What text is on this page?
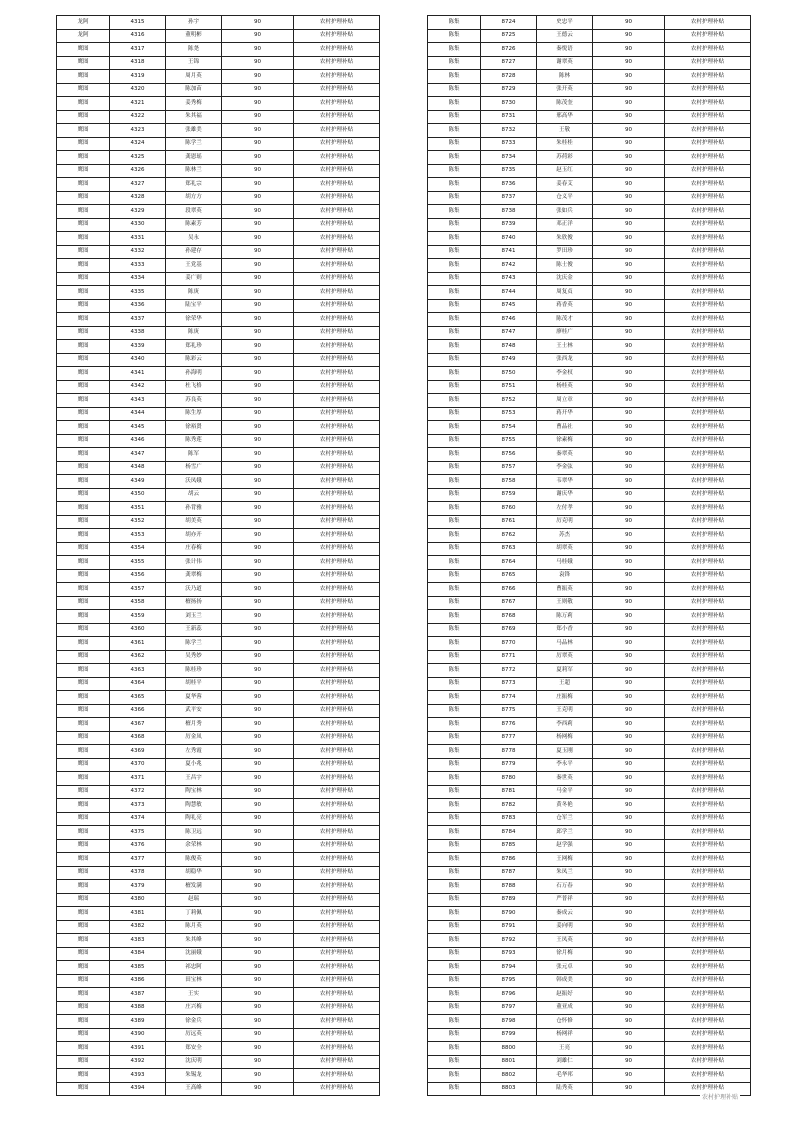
龙阿	4315	孙宇	90	农村护理补贴
龙阿	4316	董明彬	90	农村护理补贴
鹰图	4317	陈尧	90	农村护理补贴
鹰图	4318	王锦	90	农村护理补贴
鹰图	4319	周月英	90	农村护理补贴
鹰图	4320	陈加苗	90	农村护理补贴
鹰图	4321	姜秀梅	90	农村护理补贴
鹰图	4322	朱其福	90	农村护理补贴
鹰图	4323	张雄美	90	农村护理补贴
鹰图	4324	陈学兰	90	农村护理补贴
鹰图	4325	龚恩瑶	90	农村护理补贴
鹰图	4326	陈林兰	90	农村护理补贴
鹰图	4327	郑礼宗	90	农村护理补贴
鹰图	4328	胡方方	90	农村护理补贴
鹰图	4329	段翠英	90	农村护理补贴
鹰图	4330	陈素芳	90	农村护理补贴
鹰图	4331	吴永	90	农村护理补贴
鹰图	4332	孙建存	90	农村护理补贴
鹰图	4333	王党基	90	农村护理补贴
鹰图	4334	姜广则	90	农村护理补贴
鹰图	4335	陈庚	90	农村护理补贴
鹰图	4336	陆宝平	90	农村护理补贴
鹰图	4337	徐荣华	90	农村护理补贴
鹰图	4338	陈庚	90	农村护理补贴
鹰图	4339	郑礼珍	90	农村护理补贴
鹰图	4340	陈彩云	90	农村护理补贴
鹰图	4341	孙海明	90	农村护理补贴
鹰图	4342	杜飞格	90	农村护理补贴
鹰图	4343	苏良英	90	农村护理补贴
鹰图	4344	陈生厚	90	农村护理补贴
鹰图	4345	徐裕贤	90	农村护理补贴
鹰图	4346	陈秀莲	90	农村护理补贴
鹰图	4347	陈军	90	农村护理补贴
鹰图	4348	杨雪广	90	农村护理补贴
鹰图	4349	沃凤娥	90	农村护理补贴
鹰图	4350	胡云	90	农村护理补贴
鹰图	4351	孙背雅	90	农村护理补贴
鹰图	4352	胡美英	90	农村护理补贴
鹰图	4353	胡亦开	90	农村护理补贴
鹰图	4354	庄春梅	90	农村护理补贴
鹰图	4355	张计伟	90	农村护理补贴
鹰图	4356	龚翠梅	90	农村护理补贴
鹰图	4357	沃乃道	90	农村护理补贴
鹰图	4358	檀扬扬	90	农村护理补贴
鹰图	4359	刘玉兰	90	农村护理补贴
鹰图	4360	王新蕊	90	农村护理补贴
鹰图	4361	陈学兰	90	农村护理补贴
鹰图	4362	吴秀妙	90	农村护理补贴
鹰图	4363	陈桂珍	90	农村护理补贴
鹰图	4364	胡桂平	90	农村护理补贴
鹰图	4365	夏华蓉	90	农村护理补贴
鹰图	4366	武平安	90	农村护理补贴
鹰图	4367	檀月秀	90	农村护理补贴
鹰图	4368	厉金凤	90	农村护理补贴
鹰图	4369	左秀霞	90	农村护理补贴
鹰图	4370	夏小兆	90	农村护理补贴
鹰图	4371	王昌宇	90	农村护理补贴
鹰图	4372	陶宝林	90	农村护理补贴
鹰图	4373	陶慧敏	90	农村护理补贴
鹰图	4374	陶礼亮	90	农村护理补贴
鹰图	4375	陈卫远	90	农村护理补贴
鹰图	4376	余荣林	90	农村护理补贴
鹰图	4377	陈俊英	90	农村护理补贴
鹰图	4378	胡稳华	90	农村护理补贴
鹰图	4379	檀发满	90	农村护理补贴
鹰图	4380	赵瑞	90	农村护理补贴
鹰图	4381	丁莉佩	90	农村护理补贴
鹰图	4382	陈月英	90	农村护理补贴
鹰图	4383	朱其峰	90	农村护理补贴
鹰图	4384	沈丽娥	90	农村护理补贴
鹰图	4385	祁忠阿	90	农村护理补贴
鹰图	4386	田宝林	90	农村护理补贴
鹰图	4387	王实	90	农村护理补贴
鹰图	4388	庄兴梅	90	农村护理补贴
鹰图	4389	徐金兵	90	农村护理补贴
鹰图	4390	厉远英	90	农村护理补贴
鹰图	4391	郑安全	90	农村护理补贴
鹰图	4392	沈庆明	90	农村护理补贴
鹰图	4393	朱锡龙	90	农村护理补贴
鹰图	4394	王高峰	90	农村护理补贴
陈集	8724	史忠平	90	农村护理补贴
陈集	8725	王德云	90	农村护理补贴
陈集	8726	秦悦语	90	农村护理补贴
陈集	8727	谢翠英	90	农村护理补贴
陈集	8728	陈林	90	农村护理补贴
陈集	8729	张开英	90	农村护理补贴
陈集	8730	陈茂奎	90	农村护理补贴
陈集	8731	邢高华	90	农村护理补贴
陈集	8732	王敬	90	农村护理补贴
陈集	8733	朱桂桂	90	农村护理补贴
陈集	8734	苏荷彩	90	农村护理补贴
陈集	8735	赵玉红	90	农村护理补贴
陈集	8736	姜春艾	90	农村护理补贴
陈集	8737	仓义平	90	农村护理补贴
陈集	8738	张如兵	90	农村护理补贴
陈集	8739	邓正洋	90	农村护理补贴
陈集	8740	朱欣俊	90	农村护理补贴
陈集	8741	罗田珍	90	农村护理补贴
陈集	8742	陈士俊	90	农村护理补贴
陈集	8743	沈庆金	90	农村护理补贴
陈集	8744	周复贞	90	农村护理补贴
陈集	8745	蒋香英	90	农村护理补贴
陈集	8746	陈茂才	90	农村护理补贴
陈集	8747	廖桂广	90	农村护理补贴
陈集	8748	王士林	90	农村护理补贴
陈集	8749	张西龙	90	农村护理补贴
陈集	8750	李金权	90	农村护理补贴
陈集	8751	杨桂英	90	农村护理补贴
陈集	8752	周立章	90	农村护理补贴
陈集	8753	蒋开华	90	农村护理补贴
陈集	8754	曹品社	90	农村护理补贴
陈集	8755	徐素梅	90	农村护理补贴
陈集	8756	秦翠英	90	农村护理补贴
陈集	8757	李金弦	90	农村护理补贴
陈集	8758	韦翠华	90	农村护理补贴
陈集	8759	谢庆华	90	农村护理补贴
陈集	8760	左付孝	90	农村护理补贴
陈集	8761	厉克明	90	农村护理补贴
陈集	8762	苏杰	90	农村护理补贴
陈集	8763	胡翠英	90	农村护理补贴
陈集	8764	马桂娥	90	农村护理补贴
陈集	8765	袁锋	90	农村护理补贴
陈集	8766	曹振英	90	农村护理补贴
陈集	8767	王则敬	90	农村护理补贴
陈集	8768	陈万莉	90	农村护理补贴
陈集	8769	郑小香	90	农村护理补贴
陈集	8770	马品林	90	农村护理补贴
陈集	8771	厉翠英	90	农村护理补贴
陈集	8772	夏莉军	90	农村护理补贴
陈集	8773	王超	90	农村护理补贴
陈集	8774	庄振梅	90	农村护理补贴
陈集	8775	王克明	90	农村护理补贴
陈集	8776	李西莉	90	农村护理补贴
陈集	8777	杨网梅	90	农村护理补贴
陈集	8778	夏玉刚	90	农村护理补贴
陈集	8779	李永平	90	农村护理补贴
陈集	8780	秦世英	90	农村护理补贴
陈集	8781	马金平	90	农村护理补贴
陈集	8782	黄冬艳	90	农村护理补贴
陈集	8783	仓军兰	90	农村护理补贴
陈集	8784	邱学兰	90	农村护理补贴
陈集	8785	赵学强	90	农村护理补贴
陈集	8786	王网梅	90	农村护理补贴
陈集	8787	朱凤兰	90	农村护理补贴
陈集	8788	石万春	90	农村护理补贴
陈集	8789	严普祥	90	农村护理补贴
陈集	8790	秦成云	90	农村护理补贴
陈集	8791	姜向明	90	农村护理补贴
陈集	8792	王凤英	90	农村护理补贴
陈集	8793	徐月梅	90	农村护理补贴
陈集	8794	张元卓	90	农村护理补贴
陈集	8795	韩成美	90	农村护理补贴
陈集	8796	赵振好	90	农村护理补贴
陈集	8797	董亚成	90	农村护理补贴
陈集	8798	仓怀修	90	农村护理补贴
陈集	8799	杨网祥	90	农村护理补贴
陈集	8800	王亮	90	农村护理补贴
陈集	8801	刘雄仁	90	农村护理补贴
陈集	8802	毛华邦	90	农村护理补贴
陈集	8803	陆秀英	90	农村护理补贴
农村护理补贴
